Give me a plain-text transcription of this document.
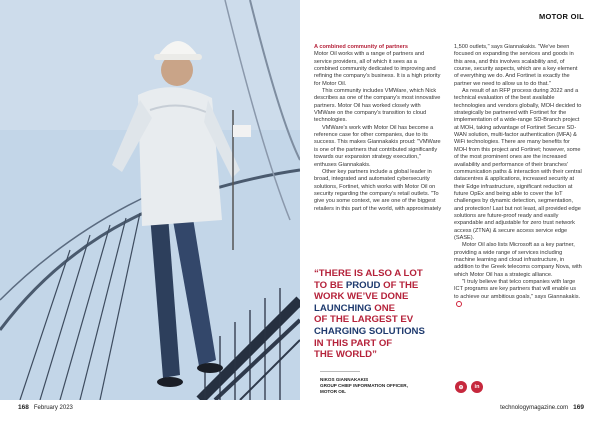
168 February 2023	technologymagazine.com 169
MOTOR OIL
A combined community of partners

Motor Oil works with a range of partners and service providers, all of which it sees as a combined community dedicated to improving and refining the company's business. It is a high priority for Motor Oil.

This community includes VMWare, which Nick describes as one of the company's most innovative partners. Motor Oil has worked closely with VMWare on the company's transition to cloud technologies.

VMWare's work with Motor Oil has become a reference case for other companies, due to its success. This makes Giannakakis proud: "VMWare is one of the partners that contributed significantly towards our expansion strategy execution," enthuses Giannakakis.

Other key partners include a global leader in broad, integrated and automated cybersecurity solutions, Fortinet, which works with Motor Oil on security regarding the company's retail outlets. "To give you some context, we are one of the biggest retailers in this part of the world, with approximately

1,500 outlets," says Giannakakis. "We've been focused on expanding the services and goods in this area, and this involves scalability and, of course, security aspects, which are a key element of everything we do. And Fortinet is exactly the partner we need to allow us to do that."

As result of an RFP process during 2022 and a technical evaluation of the best available technologies and vendors globally, MOH decided to strategically be partnered with Fortinet for the implementation of a wide-range SD-Branch project at MOH, taking advantage of Fortinet Secure SD-WAN solution, multi-factor authentication (MFA) & WiFi technologies. There are many benefits for MOH from this project and Fortinet; however, some of the most prominent ones are the increased availability and performance of their branches' communication paths & interaction with their central datacentres & applications, increased security at their Edge infrastructure, significant reduction at future OpEx and being able to cover the IoT challenges by dynamic detection, segmentation, and protection! Last but not least, all provided edge solutions are future-proof ready and easily expandable and adjustable for zero trust network access (ZTNA) & secure access service edge (SASE).

Motor Oil also lists Microsoft as a key partner, providing a wide range of services including machine learning and cloud infrastructure, in addition to the Greek telecoms company Nova, with which Motor Oil has a strategic alliance.

"I truly believe that telco companies with large ICT programs are key partners that will enable us to achieve our ambitious goals," says Giannakakis.

“THERE IS ALSO A LOT
TO BE PROUD OF THE
WORK WE’VE DONE
LAUNCHING ONE
OF THE LARGEST EV
CHARGING SOLUTIONS
IN THIS PART OF
THE WORLD”
NIKOS GIANNAKAKIS
GROUP CHIEF INFORMATION OFFICER,
MOTOR OIL
⊕	in
